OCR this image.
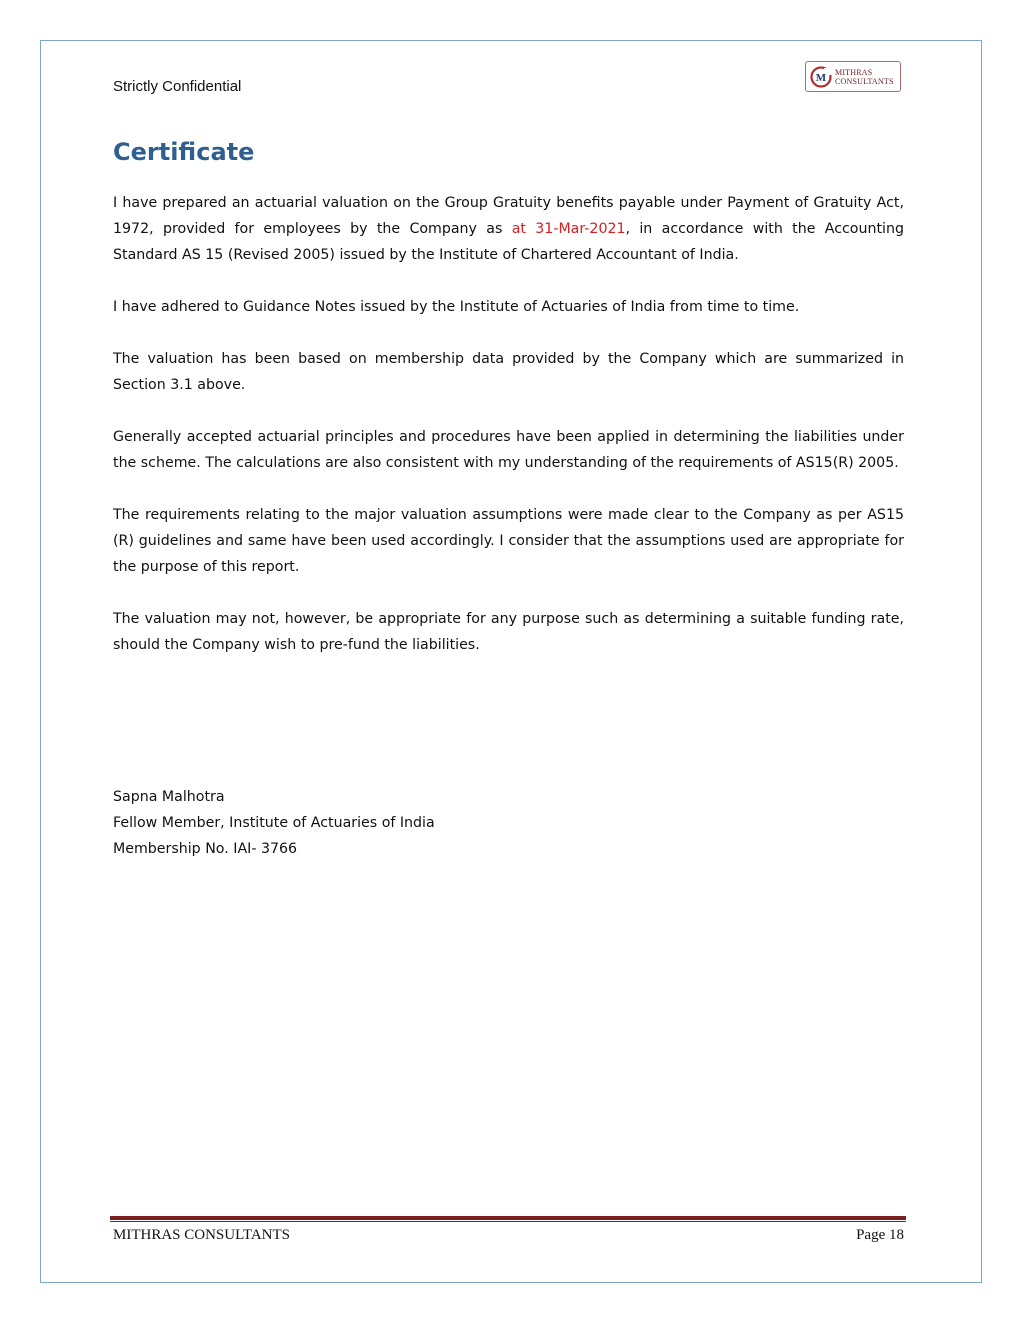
Strictly Confidential
M MITHRAS
CONSULTANTS
Certificate

I have prepared an actuarial valuation on the Group Gratuity benefits payable under Payment of Gratuity Act, 1972, provided for employees by the Company as at 31-Mar-2021, in accordance with the Accounting Standard AS 15 (Revised 2005) issued by the Institute of Chartered Accountant of India.

I have adhered to Guidance Notes issued by the Institute of Actuaries of India from time to time.

The valuation has been based on membership data provided by the Company which are summarized in Section 3.1 above.

Generally accepted actuarial principles and procedures have been applied in determining the liabilities under the scheme. The calculations are also consistent with my understanding of the requirements of AS15(R) 2005.

The requirements relating to the major valuation assumptions were made clear to the Company as per AS15 (R) guidelines and same have been used accordingly. I consider that the assumptions used are appropriate for the purpose of this report.

The valuation may not, however, be appropriate for any purpose such as determining a suitable funding rate, should the Company wish to pre-fund the liabilities.

Sapna Malhotra
Fellow Member, Institute of Actuaries of India
Membership No. IAI- 3766
MITHRAS CONSULTANTS	Page 18
